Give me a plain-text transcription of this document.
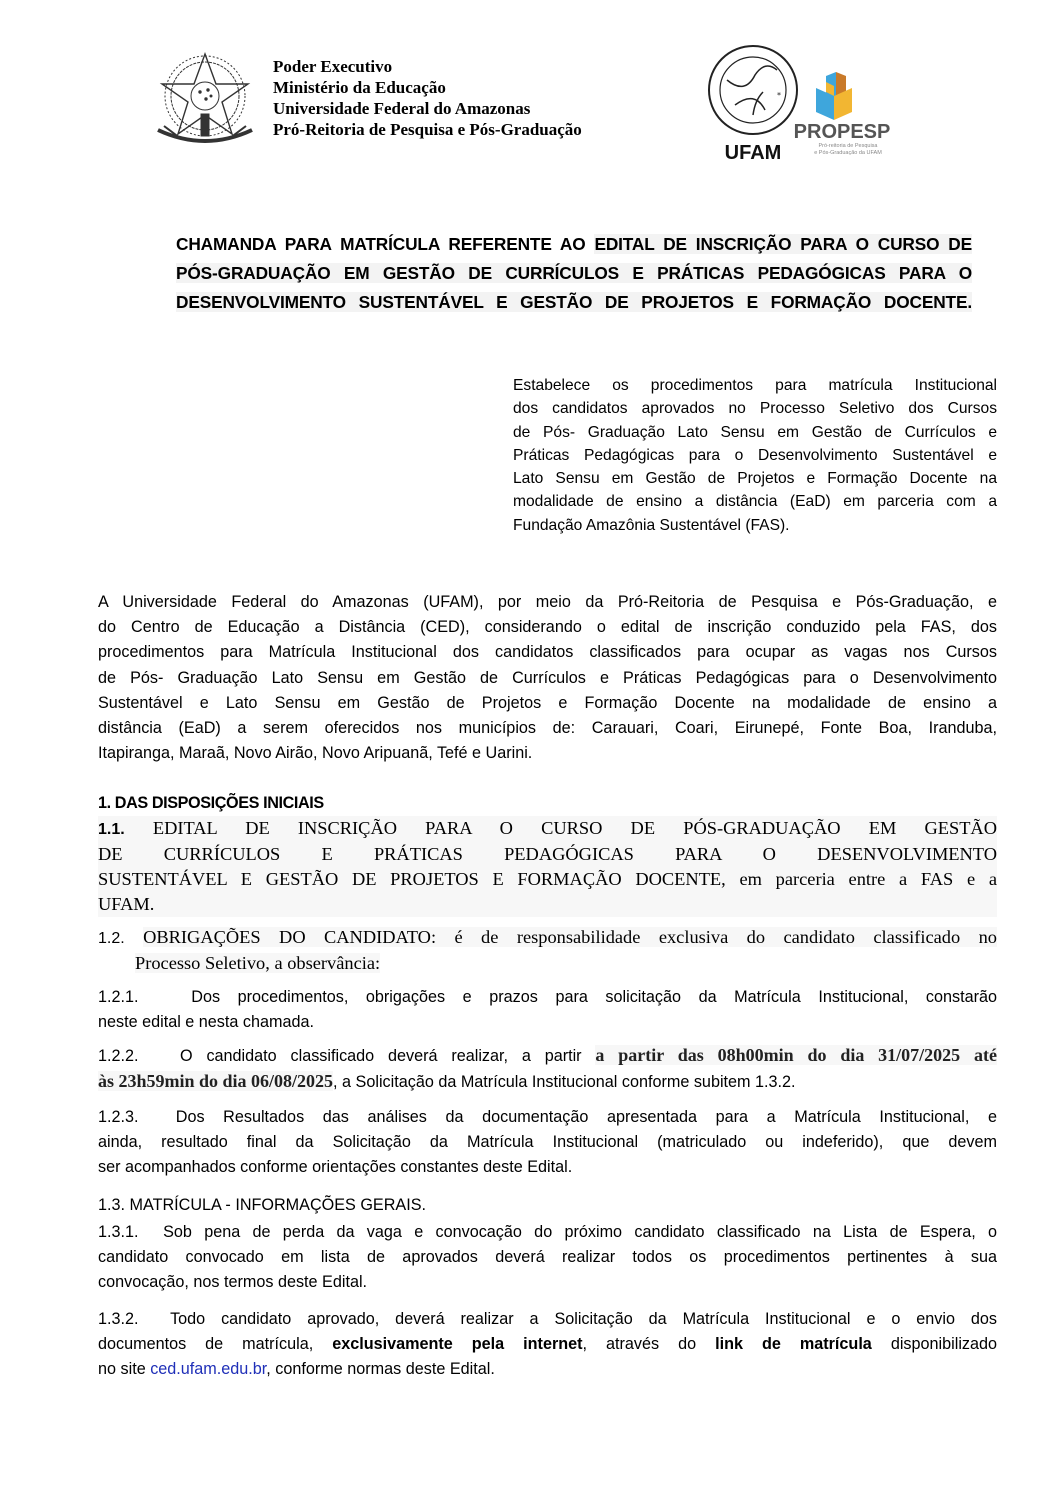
Poder Executivo
Ministério da Educação
Universidade Federal do Amazonas
Pró-Reitoria de Pesquisa e Pós-Graduação
*
UFAM
PROPESP
Pró-reitoria de Pesquisa
e Pós-Graduação da UFAM
CHAMANDA PARA MATRÍCULA REFERENTE AO EDITAL DE INSCRIÇÃO PARA O CURSO DE
PÓS-GRADUAÇÃO EM GESTÃO DE CURRÍCULOS E PRÁTICAS PEDAGÓGICAS PARA O
DESENVOLVIMENTO SUSTENTÁVEL E GESTÃO DE PROJETOS E FORMAÇÃO DOCENTE.
Estabelece os procedimentos para matrícula Institucional
dos candidatos aprovados no Processo Seletivo dos Cursos
de Pós- Graduação Lato Sensu em Gestão de Currículos e
Práticas Pedagógicas para o Desenvolvimento Sustentável e
Lato Sensu em Gestão de Projetos e Formação Docente na
modalidade de ensino a distância (EaD) em parceria com a
Fundação Amazônia Sustentável (FAS).
A Universidade Federal do Amazonas (UFAM), por meio da Pró-Reitoria de Pesquisa e Pós-Graduação, e
do Centro de Educação a Distância (CED), considerando o edital de inscrição conduzido pela FAS, dos
procedimentos para Matrícula Institucional dos candidatos classificados para ocupar as vagas nos Cursos
de Pós- Graduação Lato Sensu em Gestão de Currículos e Práticas Pedagógicas para o Desenvolvimento
Sustentável e Lato Sensu em Gestão de Projetos e Formação Docente na modalidade de ensino a
distância (EaD) a serem oferecidos nos municípios de: Carauari, Coari, Eirunepé, Fonte Boa, Iranduba,
Itapiranga, Maraã, Novo Airão, Novo Aripuanã, Tefé e Uarini.
1. DAS DISPOSIÇÕES INICIAIS
1.1. EDITAL DE INSCRIÇÃO PARA O CURSO DE PÓS-GRADUAÇÃO EM GESTÃO
DE CURRÍCULOS E PRÁTICAS PEDAGÓGICAS PARA O DESENVOLVIMENTO
SUSTENTÁVEL E GESTÃO DE PROJETOS E FORMAÇÃO DOCENTE, em parceria entre a FAS e a
UFAM.
1.2. OBRIGAÇÕES DO CANDIDATO: é de responsabilidade exclusiva do candidato classificado no
Processo Seletivo, a observância:
1.2.1.	Dos procedimentos, obrigações e prazos para solicitação da Matrícula Institucional, constarão
neste edital e nesta chamada.
1.2.2.	O candidato classificado deverá realizar, a partir a partir das 08h00min do dia 31/07/2025 até
às 23h59min do dia 06/08/2025, a Solicitação da Matrícula Institucional conforme subitem 1.3.2.
1.2.3. Dos Resultados das análises da documentação apresentada para a Matrícula Institucional, e
ainda, resultado final da Solicitação da Matrícula Institucional (matriculado ou indeferido), que devem
ser acompanhados conforme orientações constantes deste Edital.
1.3. MATRÍCULA - INFORMAÇÕES GERAIS.
1.3.1. Sob pena de perda da vaga e convocação do próximo candidato classificado na Lista de Espera, o
candidato convocado em lista de aprovados deverá realizar todos os procedimentos pertinentes à sua
convocação, nos termos deste Edital.
1.3.2. Todo candidato aprovado, deverá realizar a Solicitação da Matrícula Institucional e o envio dos
documentos de matrícula, exclusivamente pela internet, através do link de matrícula disponibilizado
no site ced.ufam.edu.br, conforme normas deste Edital.
